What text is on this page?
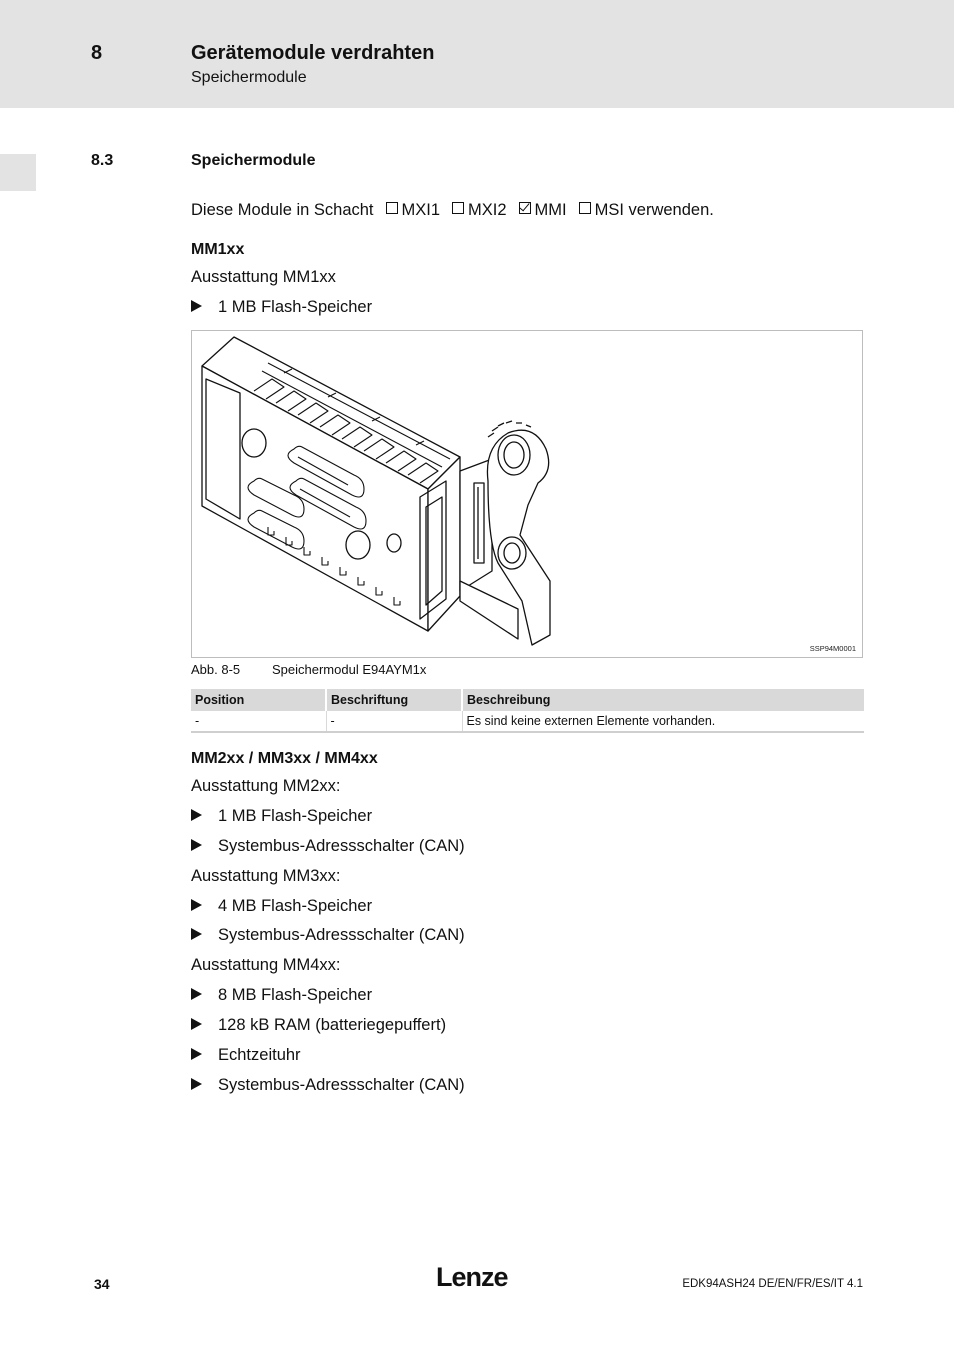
8	Gerätemodule verdrahten
Speichermodule
8.3	Speichermodule
Diese Module in Schacht MXI1 MXI2 MMI MSI verwenden.
MM1xx
Ausstattung MM1xx
1 MB Flash-Speicher
SSP94M0001
Abb. 8-5 Speichermodul E94AYM1x
Position	Beschriftung	Beschreibung
-	-	Es sind keine externen Elemente vorhanden.
MM2xx / MM3xx / MM4xx
Ausstattung MM2xx:
1 MB Flash-Speicher
Systembus-Adressschalter (CAN)
Ausstattung MM3xx:
4 MB Flash-Speicher
Systembus-Adressschalter (CAN)
Ausstattung MM4xx:
8 MB Flash-Speicher
128 kB RAM (batteriegepuffert)
Echtzeituhr
Systembus-Adressschalter (CAN)
34	Lenze	EDK94ASH24 DE/EN/FR/ES/IT 4.1
